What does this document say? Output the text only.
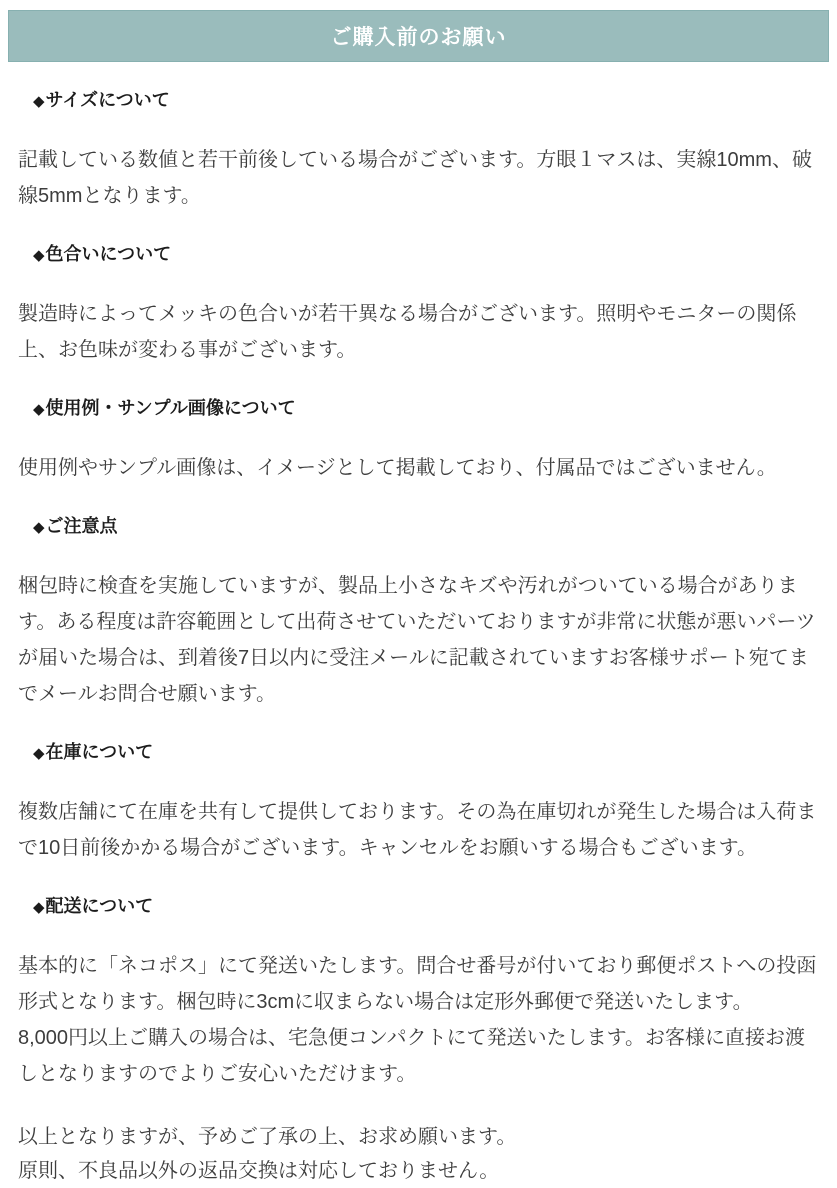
ご購入前のお願い
◆サイズについて

記載している数値と若干前後している場合がございます。方眼１マスは、実線10mm、破線5mmとなります。

◆色合いについて

製造時によってメッキの色合いが若干異なる場合がございます。照明やモニターの関係上、お色味が変わる事がございます。

◆使用例・サンプル画像について

使用例やサンプル画像は、イメージとして掲載しており、付属品ではございません。

◆ご注意点

梱包時に検査を実施していますが、製品上小さなキズや汚れがついている場合があります。ある程度は許容範囲として出荷させていただいておりますが非常に状態が悪いパーツが届いた場合は、到着後7日以内に受注メールに記載されていますお客様サポート宛てまでメールお問合せ願います。

◆在庫について

複数店舗にて在庫を共有して提供しております。その為在庫切れが発生した場合は入荷まで10日前後かかる場合がございます。キャンセルをお願いする場合もございます。

◆配送について

基本的に「ネコポス」にて発送いたします。問合せ番号が付いており郵便ポストへの投函形式となります。梱包時に3cmに収まらない場合は定形外郵便で発送いたします。
8,000円以上ご購入の場合は、宅急便コンパクトにて発送いたします。お客様に直接お渡しとなりますのでよりご安心いただけます。

以上となりますが、予めご了承の上、お求め願います。
原則、不良品以外の返品交換は対応しておりません。
